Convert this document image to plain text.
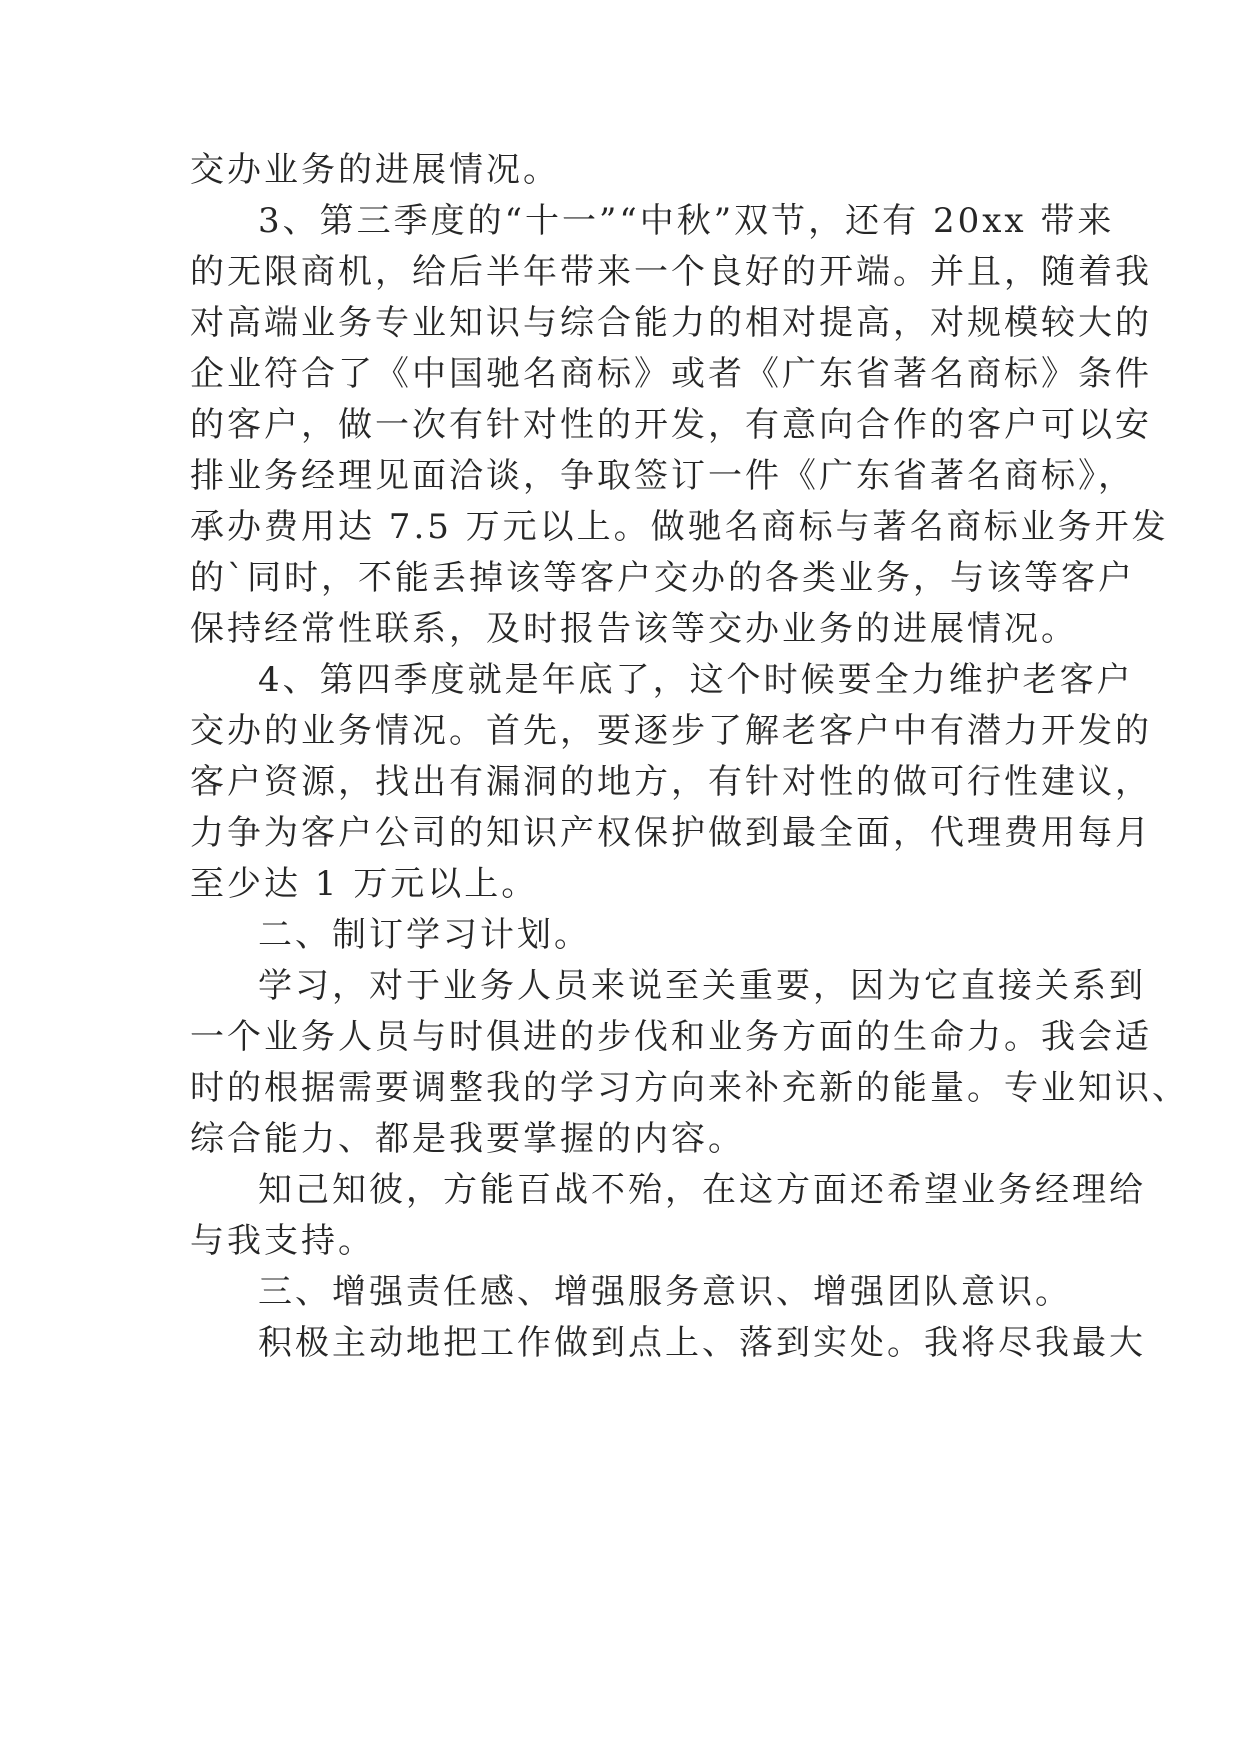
交办业务的进展情况。
3、第三季度的“十一”“中秋”双节，还有 20xx 带来
的无限商机，给后半年带来一个良好的开端。并且，随着我
对高端业务专业知识与综合能力的相对提高，对规模较大的
企业符合了《中国驰名商标》或者《广东省著名商标》条件
的客户，做一次有针对性的开发，有意向合作的客户可以安
排业务经理见面洽谈，争取签订一件《广东省著名商标》，
承办费用达 7.5 万元以上。做驰名商标与著名商标业务开发
的`同时，不能丢掉该等客户交办的各类业务，与该等客户
保持经常性联系，及时报告该等交办业务的进展情况。
4、第四季度就是年底了，这个时候要全力维护老客户
交办的业务情况。首先，要逐步了解老客户中有潜力开发的
客户资源，找出有漏洞的地方，有针对性的做可行性建议，
力争为客户公司的知识产权保护做到最全面，代理费用每月
至少达 1 万元以上。
二、制订学习计划。
学习，对于业务人员来说至关重要，因为它直接关系到
一个业务人员与时俱进的步伐和业务方面的生命力。我会适
时的根据需要调整我的学习方向来补充新的能量。专业知识、
综合能力、都是我要掌握的内容。
知己知彼，方能百战不殆，在这方面还希望业务经理给
与我支持。
三、增强责任感、增强服务意识、增强团队意识。
积极主动地把工作做到点上、落到实处。我将尽我最大
